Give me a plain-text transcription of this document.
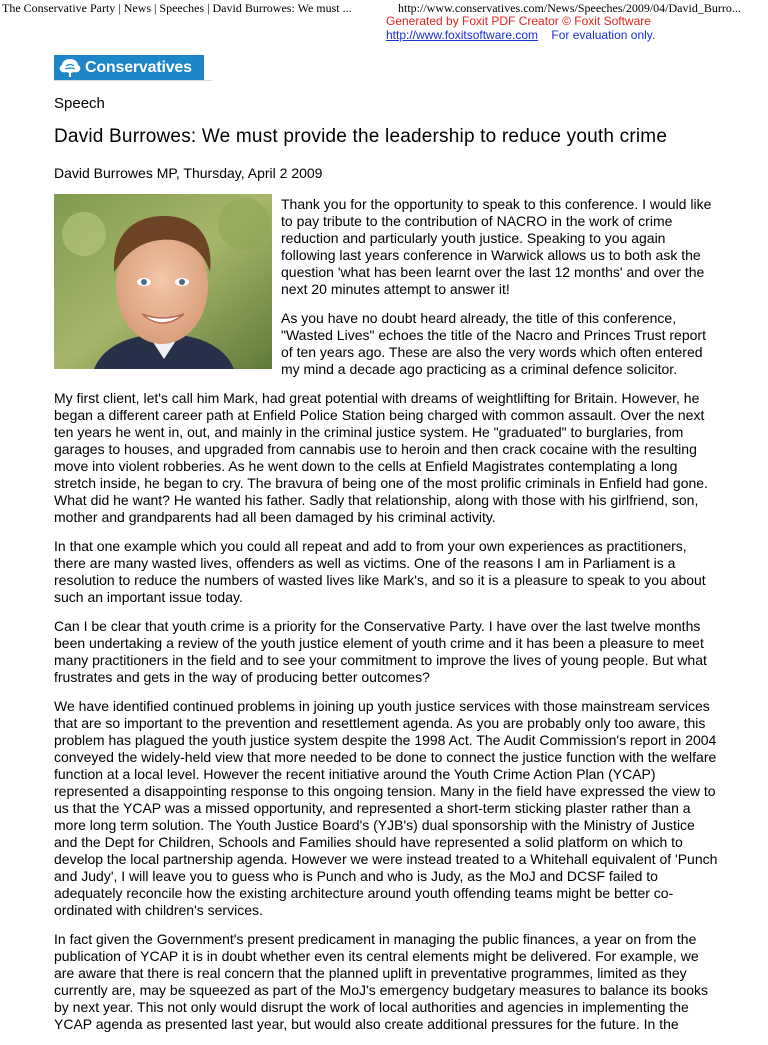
The Conservative Party | News | Speeches | David Burrowes: We must ...	http://www.conservatives.com/News/Speeches/2009/04/David_Burro...
Generated by Foxit PDF Creator © Foxit Software
http://www.foxitsoftware.com For evaluation only.
Conservatives
Speech
David Burrowes: We must provide the leadership to reduce youth crime
David Burrowes MP, Thursday, April 2 2009

Thank you for the opportunity to speak to this conference. I would like to pay tribute to the contribution of NACRO in the work of crime reduction and particularly youth justice. Speaking to you again following last years conference in Warwick allows us to both ask the question 'what has been learnt over the last 12 months' and over the next 20 minutes attempt to answer it!

As you have no doubt heard already, the title of this conference, "Wasted Lives" echoes the title of the Nacro and Princes Trust report of ten years ago. These are also the very words which often entered my mind a decade ago practicing as a criminal defence solicitor.

My first client, let's call him Mark, had great potential with dreams of weightlifting for Britain. However, he began a different career path at Enfield Police Station being charged with common assault. Over the next ten years he went in, out, and mainly in the criminal justice system. He "graduated" to burglaries, from garages to houses, and upgraded from cannabis use to heroin and then crack cocaine with the resulting move into violent robberies. As he went down to the cells at Enfield Magistrates contemplating a long stretch inside, he began to cry. The bravura of being one of the most prolific criminals in Enfield had gone. What did he want? He wanted his father. Sadly that relationship, along with those with his girlfriend, son, mother and grandparents had all been damaged by his criminal activity.

In that one example which you could all repeat and add to from your own experiences as practitioners, there are many wasted lives, offenders as well as victims. One of the reasons I am in Parliament is a resolution to reduce the numbers of wasted lives like Mark's, and so it is a pleasure to speak to you about such an important issue today.

Can I be clear that youth crime is a priority for the Conservative Party. I have over the last twelve months been undertaking a review of the youth justice element of youth crime and it has been a pleasure to meet many practitioners in the field and to see your commitment to improve the lives of young people. But what frustrates and gets in the way of producing better outcomes?

We have identified continued problems in joining up youth justice services with those mainstream services that are so important to the prevention and resettlement agenda. As you are probably only too aware, this problem has plagued the youth justice system despite the 1998 Act. The Audit Commission's report in 2004 conveyed the widely-held view that more needed to be done to connect the justice function with the welfare function at a local level. However the recent initiative around the Youth Crime Action Plan (YCAP) represented a disappointing response to this ongoing tension. Many in the field have expressed the view to us that the YCAP was a missed opportunity, and represented a short-term sticking plaster rather than a more long term solution. The Youth Justice Board's (YJB's) dual sponsorship with the Ministry of Justice and the Dept for Children, Schools and Families should have represented a solid platform on which to develop the local partnership agenda. However we were instead treated to a Whitehall equivalent of 'Punch and Judy', I will leave you to guess who is Punch and who is Judy, as the MoJ and DCSF failed to adequately reconcile how the existing architecture around youth offending teams might be better co-ordinated with children's services.

In fact given the Government's present predicament in managing the public finances, a year on from the publication of YCAP it is in doubt whether even its central elements might be delivered. For example, we are aware that there is real concern that the planned uplift in preventative programmes, limited as they currently are, may be squeezed as part of the MoJ's emergency budgetary measures to balance its books by next year. This not only would disrupt the work of local authorities and agencies in implementing the YCAP agenda as presented last year, but would also create additional pressures for the future. In the
